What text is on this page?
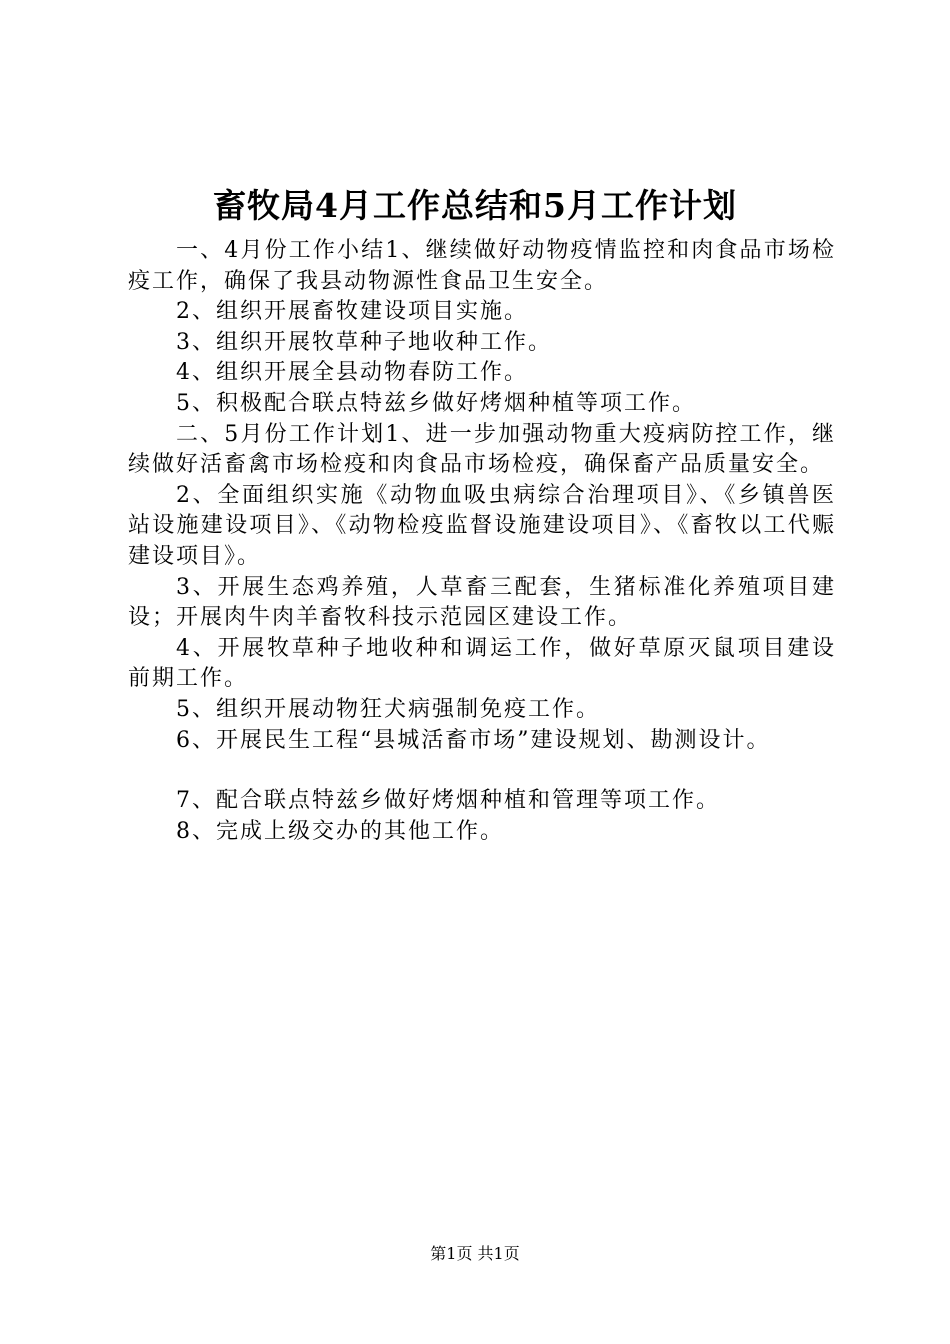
畜牧局4月工作总结和5月工作计划

一、4月份工作小结1、继续做好动物疫情监控和肉食品市场检疫工作，确保了我县动物源性食品卫生安全。

2、组织开展畜牧建设项目实施。

3、组织开展牧草种子地收种工作。

4、组织开展全县动物春防工作。

5、积极配合联点特兹乡做好烤烟种植等项工作。

二、5月份工作计划1、进一步加强动物重大疫病防控工作，继续做好活畜禽市场检疫和肉食品市场检疫，确保畜产品质量安全。

2、全面组织实施《动物血吸虫病综合治理项目》、《乡镇兽医站设施建设项目》、《动物检疫监督设施建设项目》、《畜牧以工代赈建设项目》。

3、开展生态鸡养殖，人草畜三配套，生猪标准化养殖项目建设；开展肉牛肉羊畜牧科技示范园区建设工作。

4、开展牧草种子地收种和调运工作，做好草原灭鼠项目建设前期工作。

5、组织开展动物狂犬病强制免疫工作。

6、开展民生工程“县城活畜市场”建设规划、勘测设计。

7、配合联点特兹乡做好烤烟种植和管理等项工作。

8、完成上级交办的其他工作。

第1页 共1页
